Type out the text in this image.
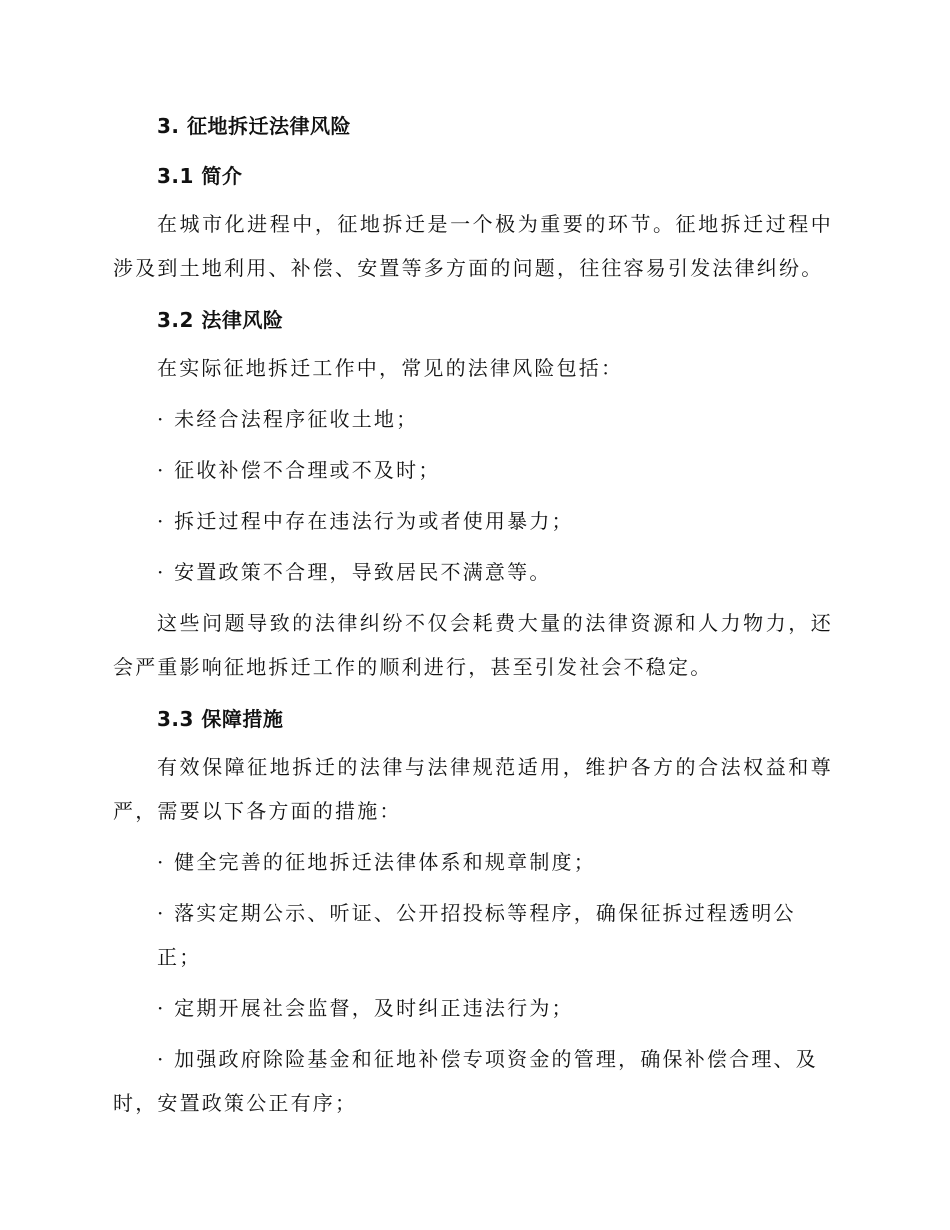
3. 征地拆迁法律风险
3.1 简介

在城市化进程中，征地拆迁是一个极为重要的环节。征地拆迁过程中涉及到土地利用、补偿、安置等多方面的问题，往往容易引发法律纠纷。

3.2 法律风险

在实际征地拆迁工作中，常见的法律风险包括：

· 未经合法程序征收土地；

· 征收补偿不合理或不及时；

· 拆迁过程中存在违法行为或者使用暴力；

· 安置政策不合理，导致居民不满意等。

这些问题导致的法律纠纷不仅会耗费大量的法律资源和人力物力，还会严重影响征地拆迁工作的顺利进行，甚至引发社会不稳定。

3.3 保障措施

有效保障征地拆迁的法律与法律规范适用，维护各方的合法权益和尊严，需要以下各方面的措施：

· 健全完善的征地拆迁法律体系和规章制度；

· 落实定期公示、听证、公开招投标等程序，确保征拆过程透明公正；

· 定期开展社会监督，及时纠正违法行为；

· 加强政府除险基金和征地补偿专项资金的管理，确保补偿合理、及时，安置政策公正有序；
